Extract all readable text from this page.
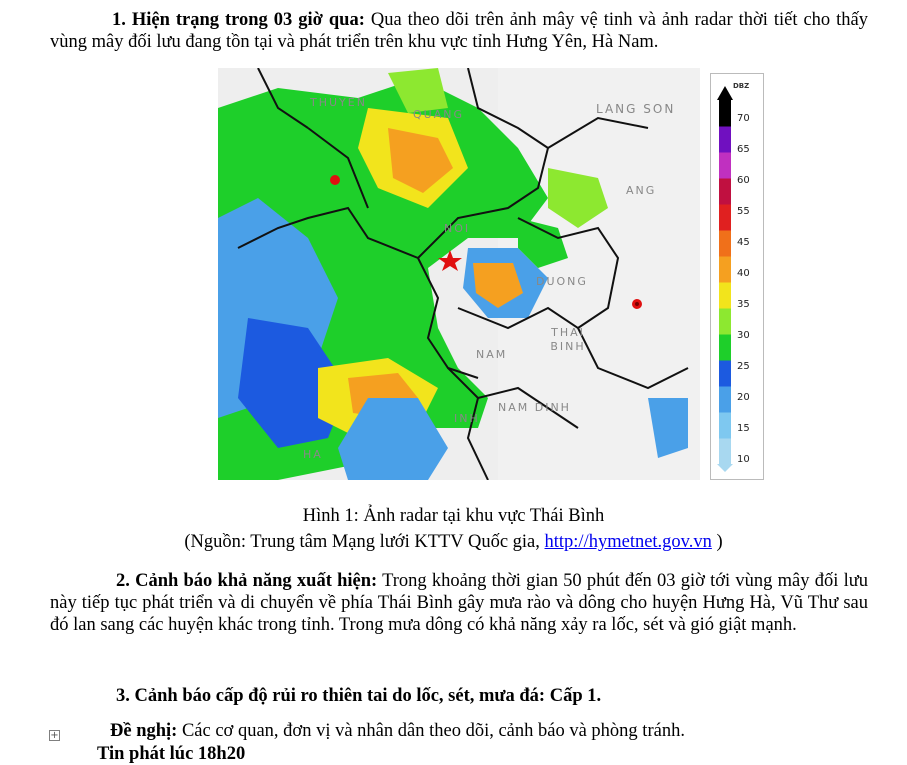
1. Hiện trạng trong 03 giờ qua: Qua theo dõi trên ảnh mây vệ tinh và ảnh radar thời tiết cho thấy vùng mây đối lưu đang tồn tại và phát triển trên khu vực tỉnh Hưng Yên, Hà Nam.
THUYEN
QUANG	LANG SON
ANG
NOI
DUONG
THAI BINH
NAM
NAM DINH
INH
HA
DBZ
70
65
60
55
45
40
35
30
25
20
15
10
Hình 1: Ảnh radar tại khu vực Thái Bình
(Nguồn: Trung tâm Mạng lưới KTTV Quốc gia, http://hymetnet.gov.vn )
2. Cảnh báo khả năng xuất hiện: Trong khoảng thời gian 50 phút đến 03 giờ tới vùng mây đối lưu này tiếp tục phát triển và di chuyển về phía Thái Bình gây mưa rào và dông cho huyện Hưng Hà, Vũ Thư sau đó lan sang các huyện khác trong tỉnh. Trong mưa dông có khả năng xảy ra lốc, sét và gió giật mạnh.
3. Cảnh báo cấp độ rủi ro thiên tai do lốc, sét, mưa đá: Cấp 1.
+	Đề nghị: Các cơ quan, đơn vị và nhân dân theo dõi, cảnh báo và phòng tránh.
Tin phát lúc 18h20
